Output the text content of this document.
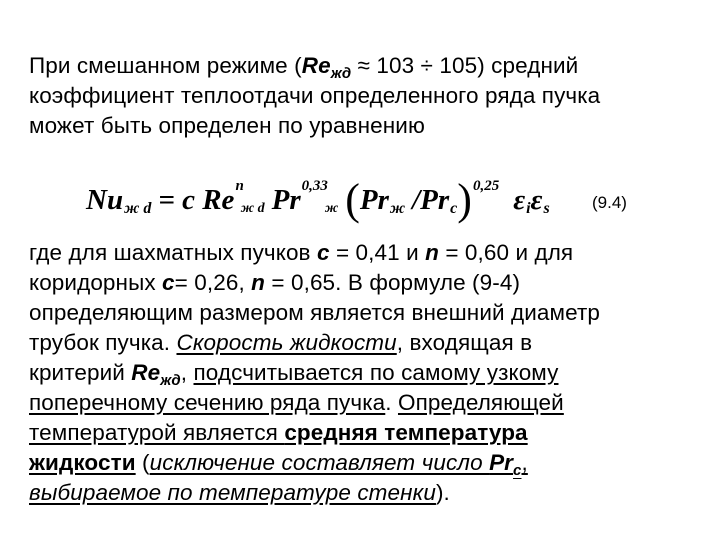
При смешанном режиме $(Re_{жд} \approx 103 \div 105)$ средний
коэффициент теплоотдачи определенного ряда пучка
может быть определен по уравнению
Nu ж d = c Re n
ж d Pr 0,33
ж ( Pr ж /Pr с ) 0,25 ε i ε s (9.4)
где для шахматных пучков с = 0,41 и n = 0,60 и для
коридорных с= 0,26, n = 0,65. В формуле (9-4)
определяющим размером является внешний диаметр
трубок пучка. Скорость жидкости, входящая в
критерий $Re_{жд}$, подсчитывается по самому узкому
поперечному сечению ряда пучка. Определяющей
температурой является средняя температура
жидкости (исключение составляет число $Pr_с$,
выбираемое по температуре стенки).
